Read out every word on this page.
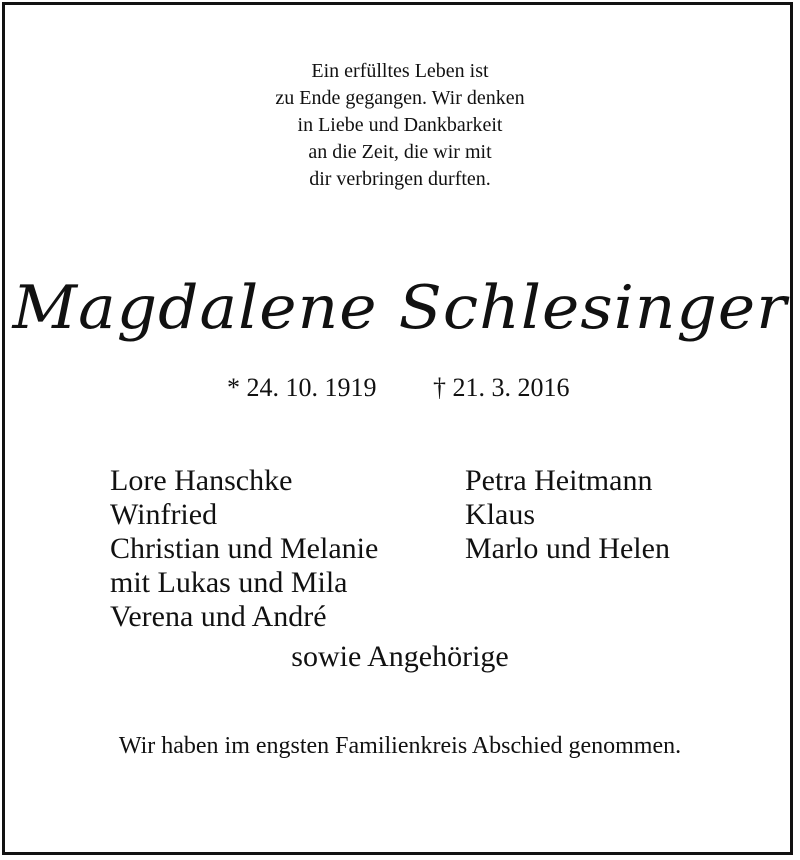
Ein erfülltes Leben ist
zu Ende gegangen. Wir denken
in Liebe und Dankbarkeit
an die Zeit, die wir mit
dir verbringen durften.
Magdalene Schlesinger
* 24. 10. 1919 † 21. 3. 2016
Lore Hanschke
Winfried
Christian und Melanie
mit Lukas und Mila
Verena und André
Petra Heitmann
Klaus
Marlo und Helen
sowie Angehörige
Wir haben im engsten Familienkreis Abschied genommen.
